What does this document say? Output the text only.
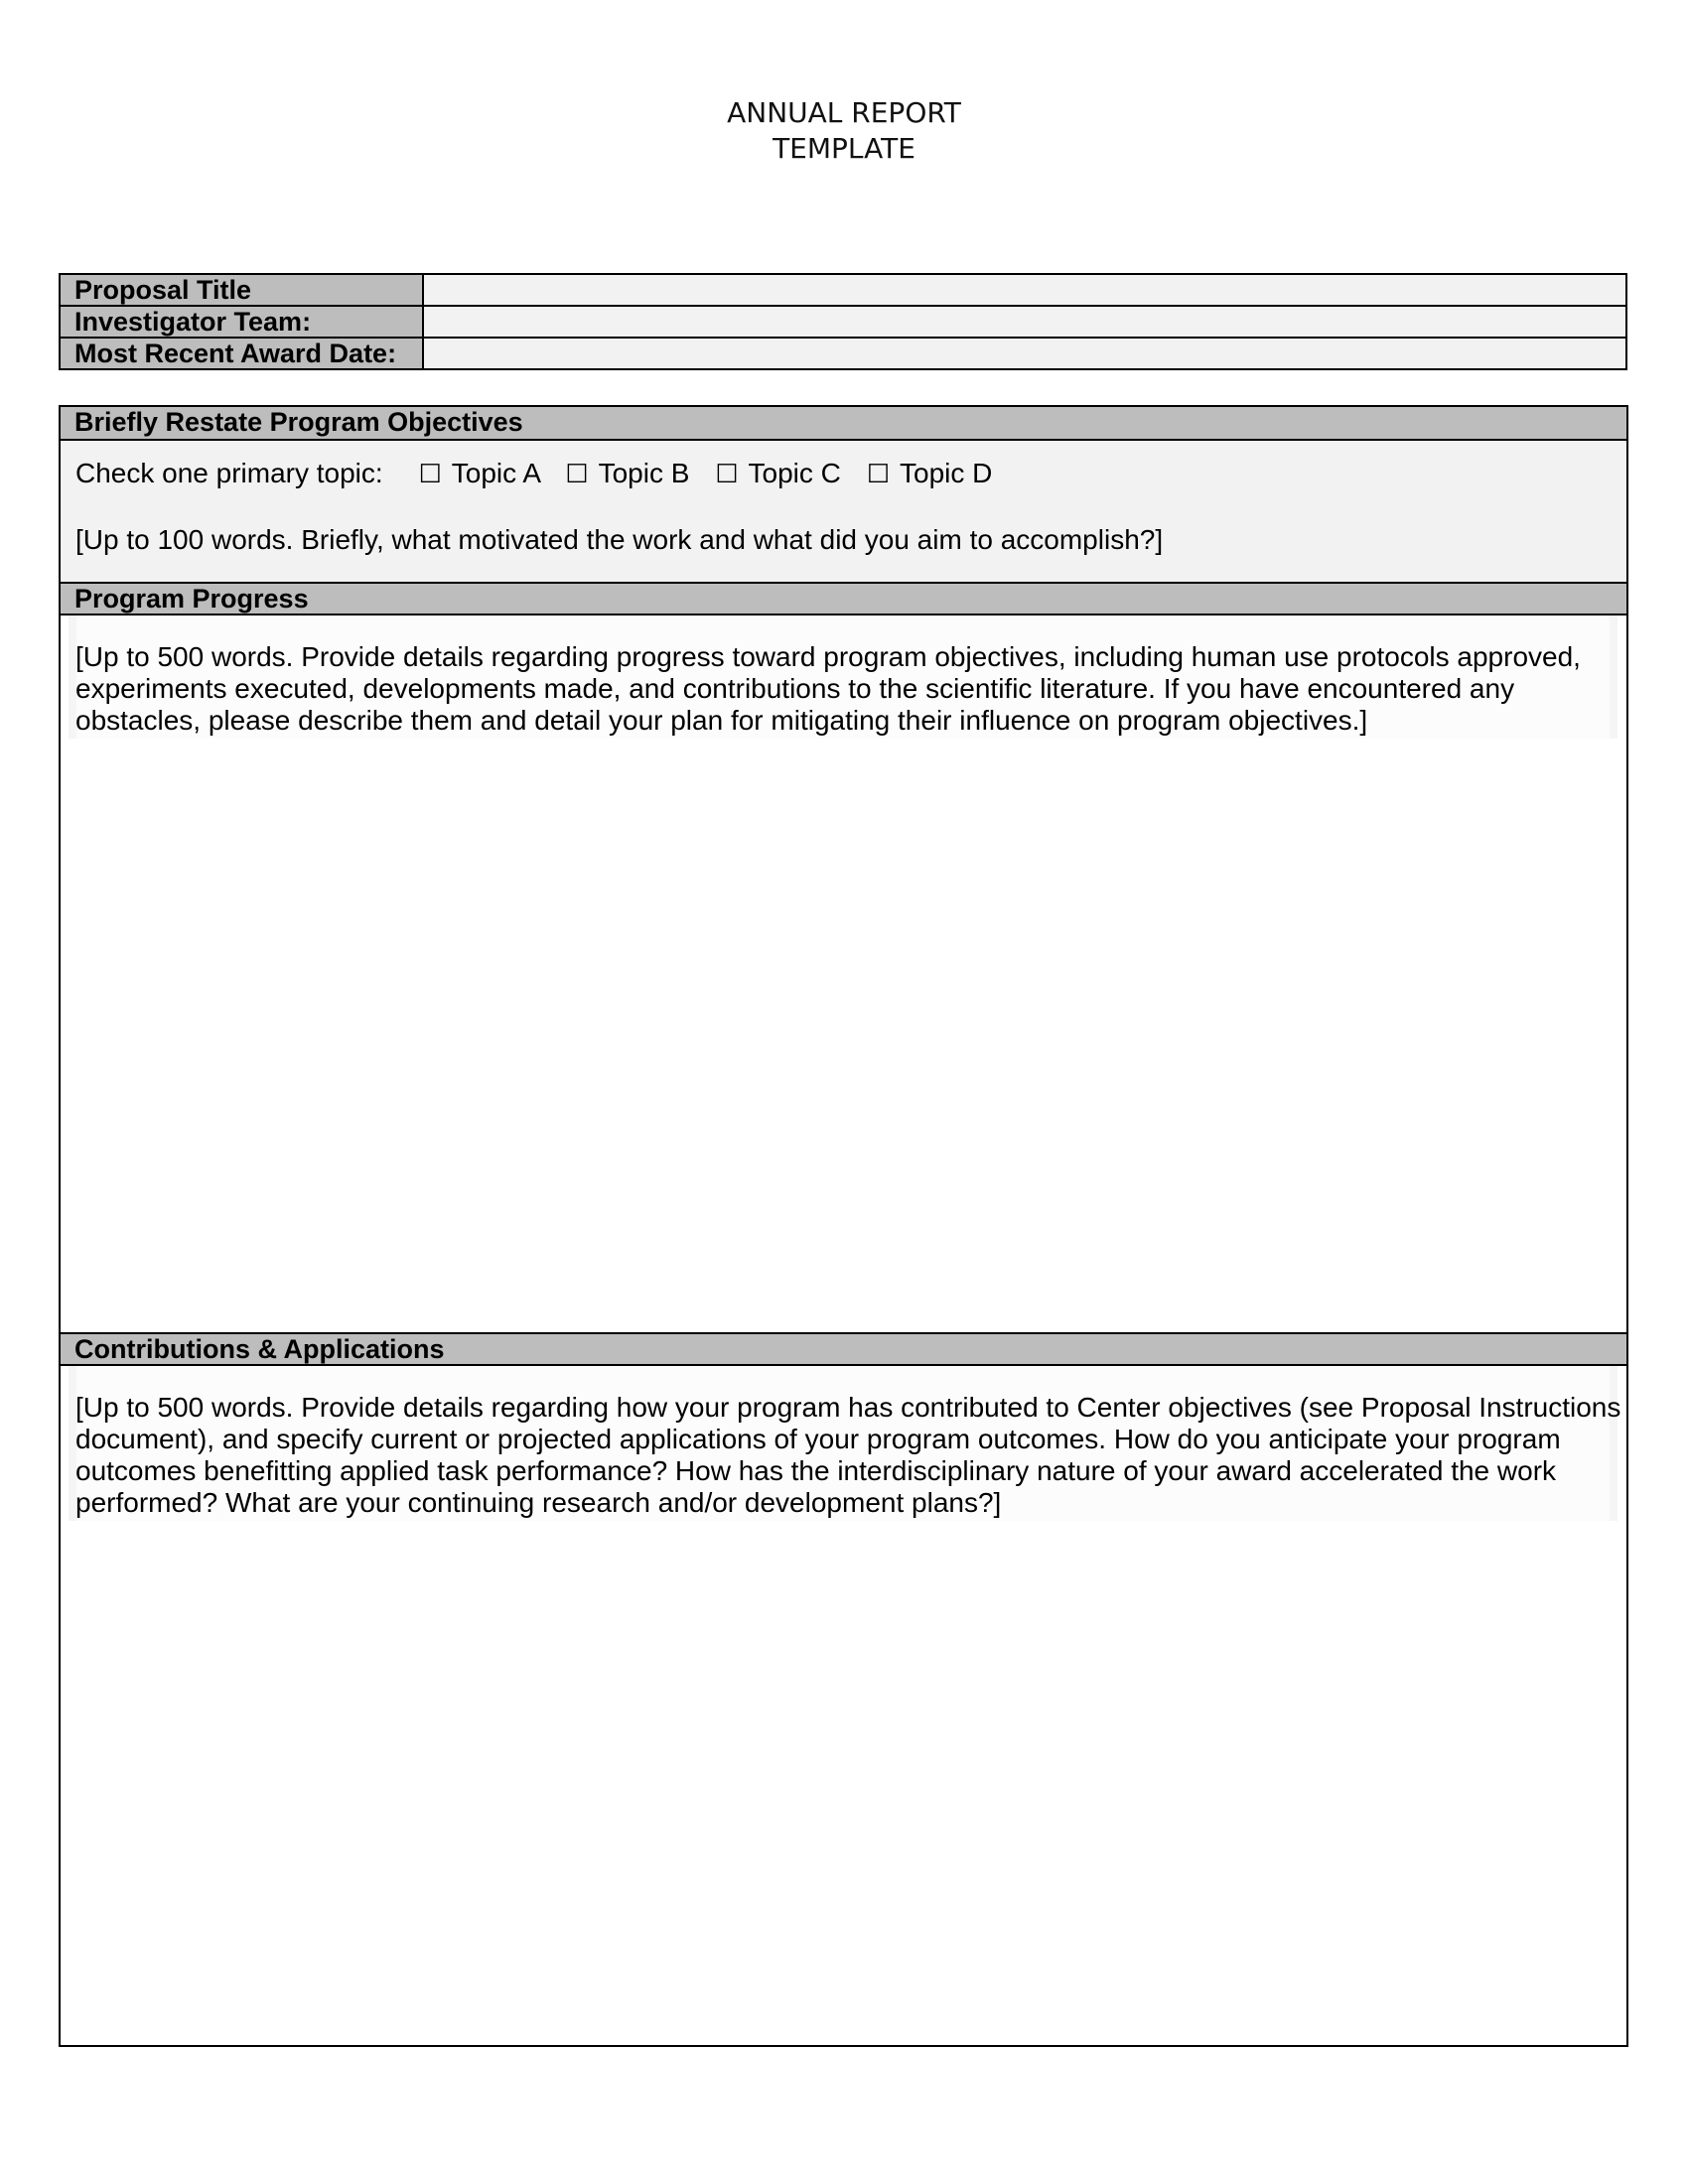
ANNUAL REPORT
TEMPLATE
Proposal Title	
Investigator Team:	
Most Recent Award Date:	
Briefly Restate Program Objectives
Check one primary topic: ☐ Topic A ☐ Topic B ☐ Topic C ☐ Topic D
[Up to 100 words. Briefly, what motivated the work and what did you aim to accomplish?]
Program Progress
[Up to 500 words. Provide details regarding progress toward program objectives, including human use protocols approved, experiments executed, developments made, and contributions to the scientific literature. If you have encountered any obstacles, please describe them and detail your plan for mitigating their influence on program objectives.]
Contributions & Applications
[Up to 500 words. Provide details regarding how your program has contributed to Center objectives (see Proposal Instructions document), and specify current or projected applications of your program outcomes. How do you anticipate your program outcomes benefitting applied task performance? How has the interdisciplinary nature of your award accelerated the work performed? What are your continuing research and/or development plans?]
